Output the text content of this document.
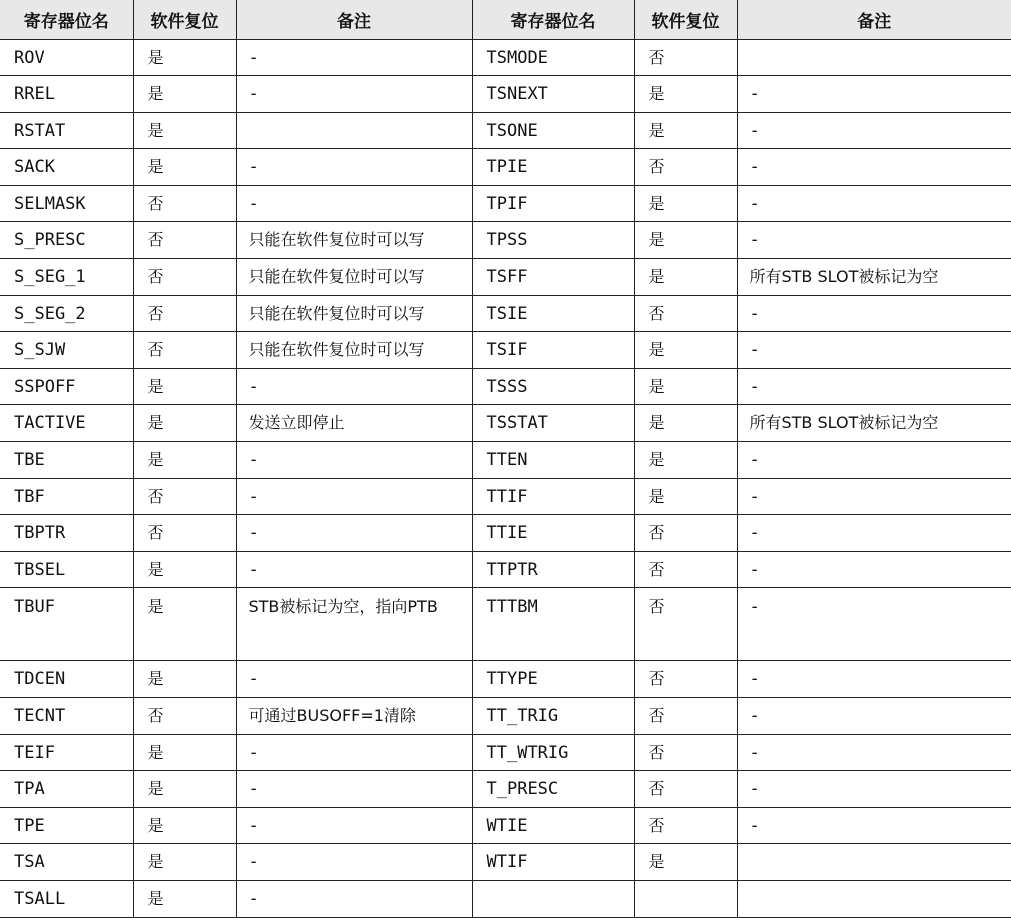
寄存器位名	软件复位	备注	寄存器位名	软件复位	备注
ROV	是	-	TSMODE	否	
RREL	是	-	TSNEXT	是	-
RSTAT	是		TSONE	是	-
SACK	是	-	TPIE	否	-
SELMASK	否	-	TPIF	是	-
S_PRESC	否	只能在软件复位时可以写	TPSS	是	-
S_SEG_1	否	只能在软件复位时可以写	TSFF	是	所有STB SLOT被标记为空
S_SEG_2	否	只能在软件复位时可以写	TSIE	否	-
S_SJW	否	只能在软件复位时可以写	TSIF	是	-
SSPOFF	是	-	TSSS	是	-
TACTIVE	是	发送立即停止	TSSTAT	是	所有STB SLOT被标记为空
TBE	是	-	TTEN	是	-
TBF	否	-	TTIF	是	-
TBPTR	否	-	TTIE	否	-
TBSEL	是	-	TTPTR	否	-
TBUF	是	STB被标记为空，指向PTB	TTTBM	否	-
TDCEN	是	-	TTYPE	否	-
TECNT	否	可通过BUSOFF=1清除	TT_TRIG	否	-
TEIF	是	-	TT_WTRIG	否	-
TPA	是	-	T_PRESC	否	-
TPE	是	-	WTIE	否	-
TSA	是	-	WTIF	是	
TSALL	是	-			
